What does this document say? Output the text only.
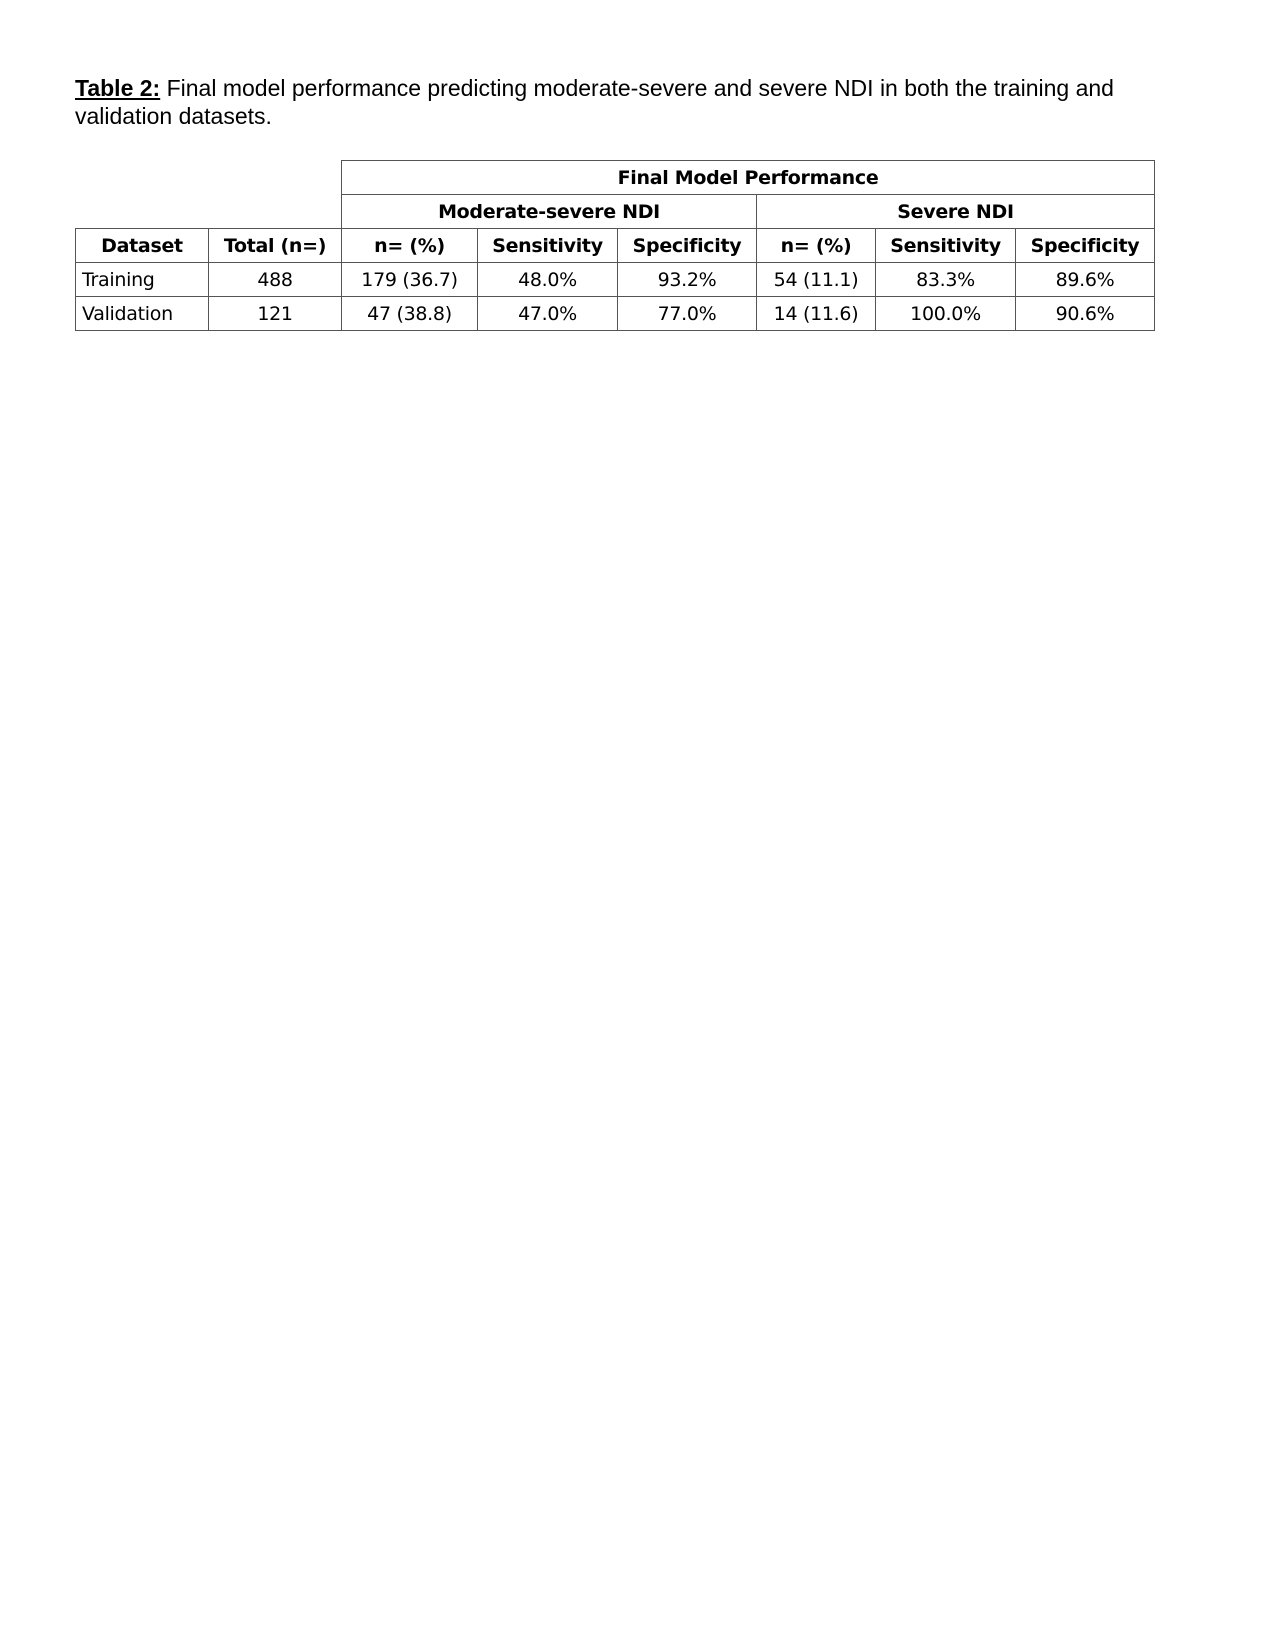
Table 2: Final model performance predicting moderate-severe and severe NDI in both the training and validation datasets.
		Final Model Performance					
		Moderate-severe NDI			Severe NDI		
Dataset	Total (n=)	n= (%)	Sensitivity	Specificity	n= (%)	Sensitivity	Specificity
Training	488	179 (36.7)	48.0%	93.2%	54 (11.1)	83.3%	89.6%
Validation	121	47 (38.8)	47.0%	77.0%	14 (11.6)	100.0%	90.6%
